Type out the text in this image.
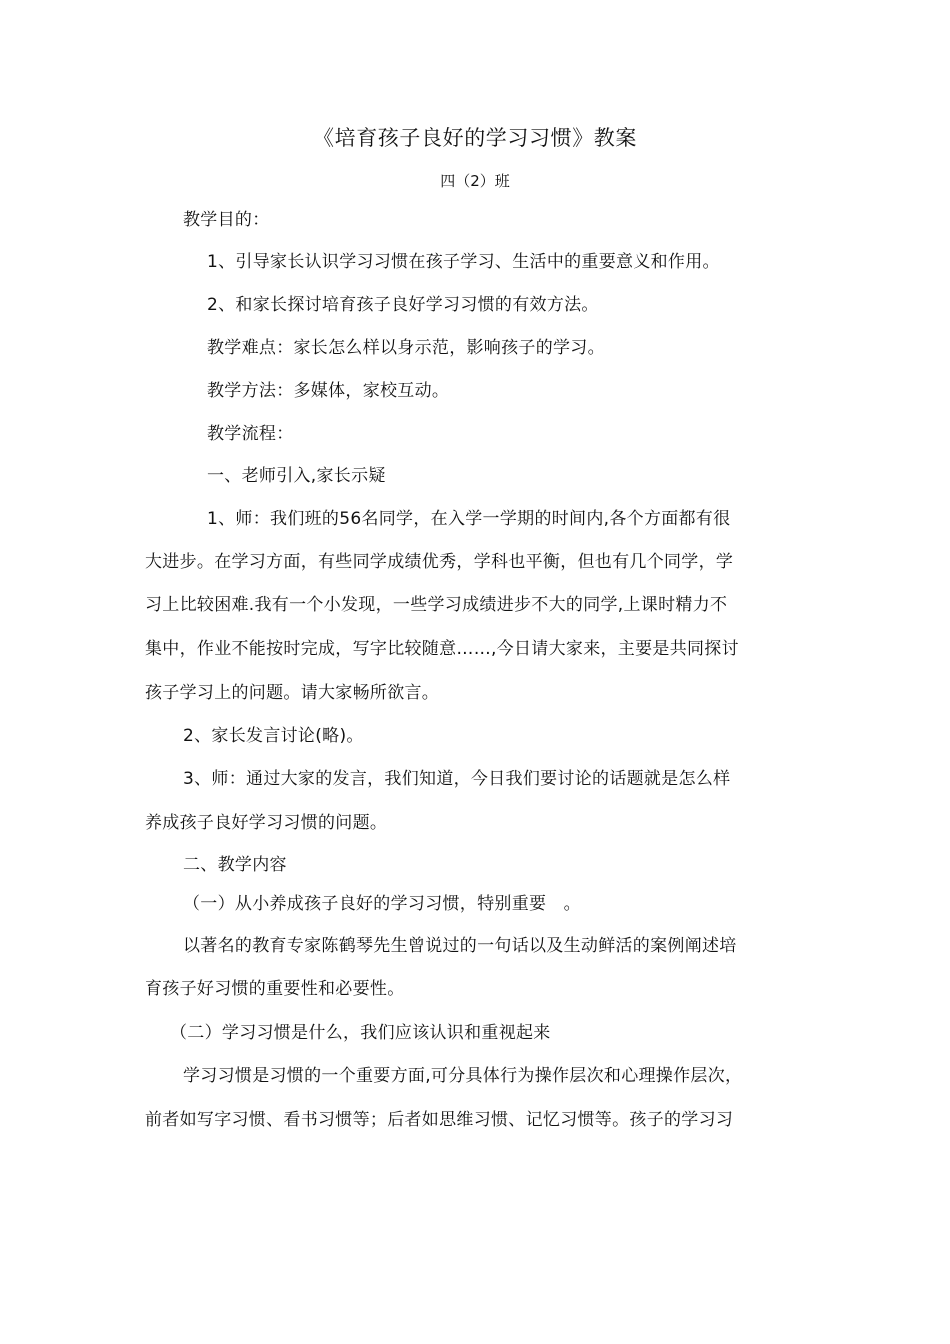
《培育孩子良好的学习习惯》教案
四（2）班
教学目的：
1、引导家长认识学习习惯在孩子学习、生活中的重要意义和作用。
2、和家长探讨培育孩子良好学习习惯的有效方法。
教学难点：家长怎么样以身示范，影响孩子的学习。
教学方法：多媒体，家校互动。
教学流程：
一、老师引入,家长示疑
1、师：我们班的56名同学，在入学一学期的时间内,各个方面都有很
大进步。在学习方面，有些同学成绩优秀，学科也平衡，但也有几个同学，学
习上比较困难.我有一个小发现，一些学习成绩进步不大的同学,上课时精力不
集中，作业不能按时完成，写字比较随意……,今日请大家来，主要是共同探讨
孩子学习上的问题。请大家畅所欲言。
2、家长发言讨论(略)。
3、师：通过大家的发言，我们知道，今日我们要讨论的话题就是怎么样
养成孩子良好学习习惯的问题。
二、教学内容
（一）从小养成孩子良好的学习习惯，特别重要　。
以著名的教育专家陈鹤琴先生曾说过的一句话以及生动鲜活的案例阐述培
育孩子好习惯的重要性和必要性。
（二）学习习惯是什么，我们应该认识和重视起来
学习习惯是习惯的一个重要方面,可分具体行为操作层次和心理操作层次，
前者如写字习惯、看书习惯等；后者如思维习惯、记忆习惯等。孩子的学习习
